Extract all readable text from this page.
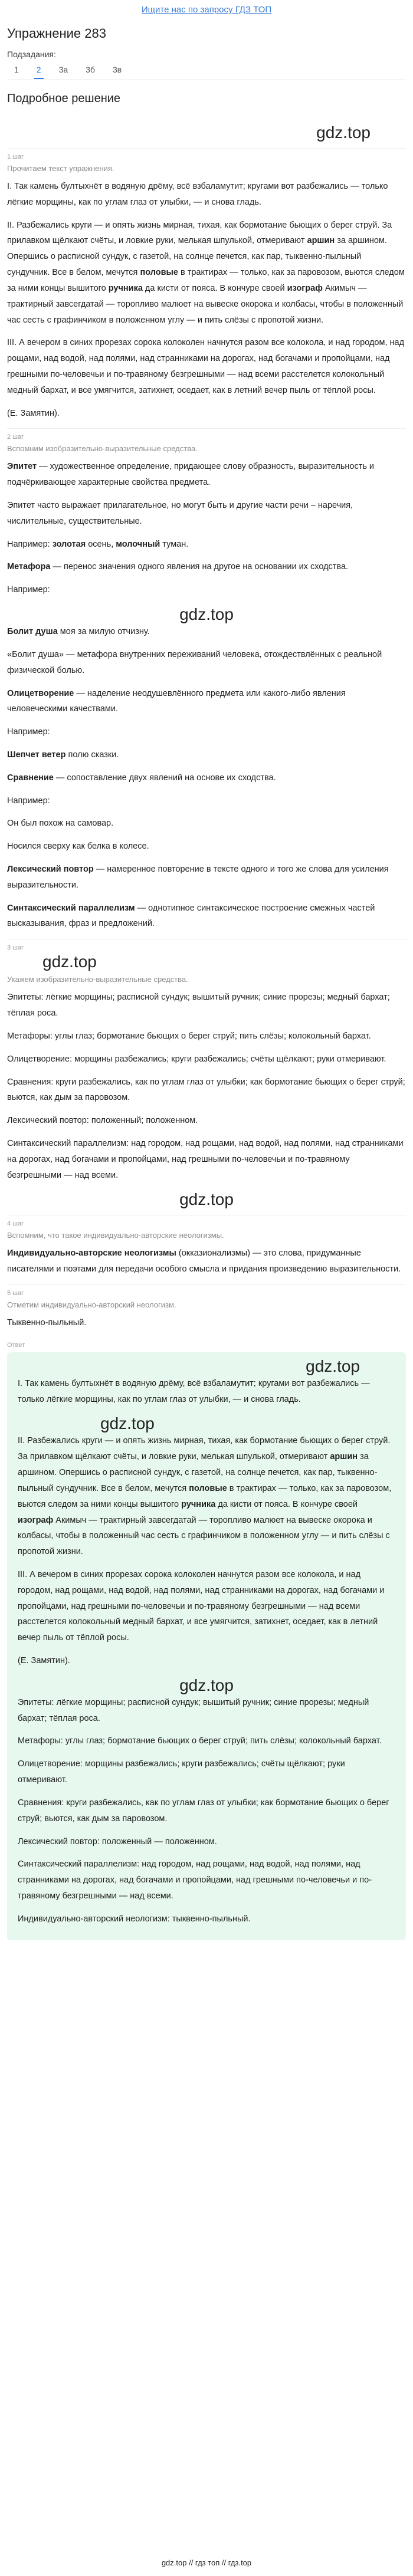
Ищите нас по запросу ГДЗ ТОП
Упражнение 283
Подзадания:
1 2 3а 3б 3в
Подробное решение
gdz.top
1 шаг
Прочитаем текст упражнения.

I. Так камень бултыхнёт в водяную дрёму, всё взбаламутит; кругами вот разбежались — только лёгкие морщины, как по углам глаз от улыбки, — и снова гладь.

II. Разбежались круги — и опять жизнь мирная, тихая, как бормотание бьющих о берег струй. За прилавком щёлкают счёты, и ловкие руки, мелькая шпулькой, отмеривают аршин за аршином. Опершись о расписной сундук, с газетой, на солнце печется, как пар, тыквенно-пыльный сундучник. Все в белом, мечутся половые в трактирах — только, как за паровозом, вьются следом за ними концы вышитого ручника да кисти от пояса. В кончуре своей изограф Акимыч — трактирный завсегдатай — торопливо малюет на вывеске окорока и колбасы, чтобы в положенный час сесть с графинчиком в положенном углу — и пить слёзы с пропотой жизни.

III. А вечером в синих прорезах сорока колоколен начнутся разом все колокола, и над городом, над рощами, над водой, над полями, над странниками на дорогах, над богачами и пропойцами, над грешными по-человечьи и по-травяному безгрешными — над всеми расстелется колокольный медный бархат, и все умягчится, затихнет, оседает, как в летний вечер пыль от тёплой росы.

(Е. Замятин).

2 шаг
Вспомним изобразительно-выразительные средства.

Эпитет — художественное определение, придающее слову образность, выразительность и подчёркивающее характерные свойства предмета.

Эпитет часто выражает прилагательное, но могут быть и другие части речи – наречия, числительные, существительные.

Например: золотая осень, молочный туман.

Метафора — перенос значения одного явления на другое на основании их сходства.

Например:

gdz.top

Болит душа моя за милую отчизну.

«Болит душа» — метафора внутренних переживаний человека, отождествлённых с реальной физической болью.

Олицетворение — наделение неодушевлённого предмета или какого-либо явления человеческими качествами.

Например:

Шепчет ветер полю сказки.

Сравнение — сопоставление двух явлений на основе их сходства.

Например:

Он был похож на самовар.

Носился сверху как белка в колесе.

Лексический повтор — намеренное повторение в тексте одного и того же слова для усиления выразительности.

Синтаксический параллелизм — однотипное синтаксическое построение смежных частей высказывания, фраз и предложений.

3 шаг
gdz.top
Укажем изобразительно-выразительные средства.

Эпитеты: лёгкие морщины; расписной сундук; вышитый ручник; синие прорезы; медный бархат; тёплая роса.

Метафоры: углы глаз; бормотание бьющих о берег струй; пить слёзы; колокольный бархат.

Олицетворение: морщины разбежались; круги разбежались; счёты щёлкают; руки отмеривают.

Сравнения: круги разбежались, как по углам глаз от улыбки; как бормотание бьющих о берег струй; вьются, как дым за паровозом.

Лексический повтор: положенный; положенном.

Синтаксический параллелизм: над городом, над рощами, над водой, над полями, над странниками на дорогах, над богачами и пропойцами, над грешными по-человечьи и по-травяному безгрешными — над всеми.

gdz.top
4 шаг
Вспомним, что такое индивидуально-авторские неологизмы.

Индивидуально-авторские неологизмы (окказионализмы) — это слова, придуманные писателями и поэтами для передачи особого смысла и придания произведению выразительности.

5 шаг
Отметим индивидуально-авторский неологизм.

Тыквенно-пыльный.

Ответ
gdz.top

I. Так камень бултыхнёт в водяную дрёму, всё взбаламутит; кругами вот разбежались — только лёгкие морщины, как по углам глаз от улыбки, — и снова гладь.

gdz.top

II. Разбежались круги — и опять жизнь мирная, тихая, как бормотание бьющих о берег струй. За прилавком щёлкают счёты, и ловкие руки, мелькая шпулькой, отмеривают аршин за аршином. Опершись о расписной сундук, с газетой, на солнце печется, как пар, тыквенно-пыльный сундучник. Все в белом, мечутся половые в трактирах — только, как за паровозом, вьются следом за ними концы вышитого ручника да кисти от пояса. В кончуре своей изограф Акимыч — трактирный завсегдатай — торопливо малюет на вывеске окорока и колбасы, чтобы в положенный час сесть с графинчиком в положенном углу — и пить слёзы с пропотой жизни.

III. А вечером в синих прорезах сорока колоколен начнутся разом все колокола, и над городом, над рощами, над водой, над полями, над странниками на дорогах, над богачами и пропойцами, над грешными по-человечьи и по-травяному безгрешными — над всеми расстелется колокольный медный бархат, и все умягчится, затихнет, оседает, как в летний вечер пыль от тёплой росы.

(Е. Замятин).

gdz.top

Эпитеты: лёгкие морщины; расписной сундук; вышитый ручник; синие прорезы; медный бархат; тёплая роса.

Метафоры: углы глаз; бормотание бьющих о берег струй; пить слёзы; колокольный бархат.

Олицетворение: морщины разбежались; круги разбежались; счёты щёлкают; руки отмеривают.

Сравнения: круги разбежались, как по углам глаз от улыбки; как бормотание бьющих о берег струй; вьются, как дым за паровозом.

Лексический повтор: положенный — положенном.

Синтаксический параллелизм: над городом, над рощами, над водой, над полями, над странниками на дорогах, над богачами и пропойцами, над грешными по-человечьи и по-травяному безгрешными — над всеми.

Индивидуально-авторский неологизм: тыквенно-пыльный.

gdz.top // гдз топ // гдз.top
